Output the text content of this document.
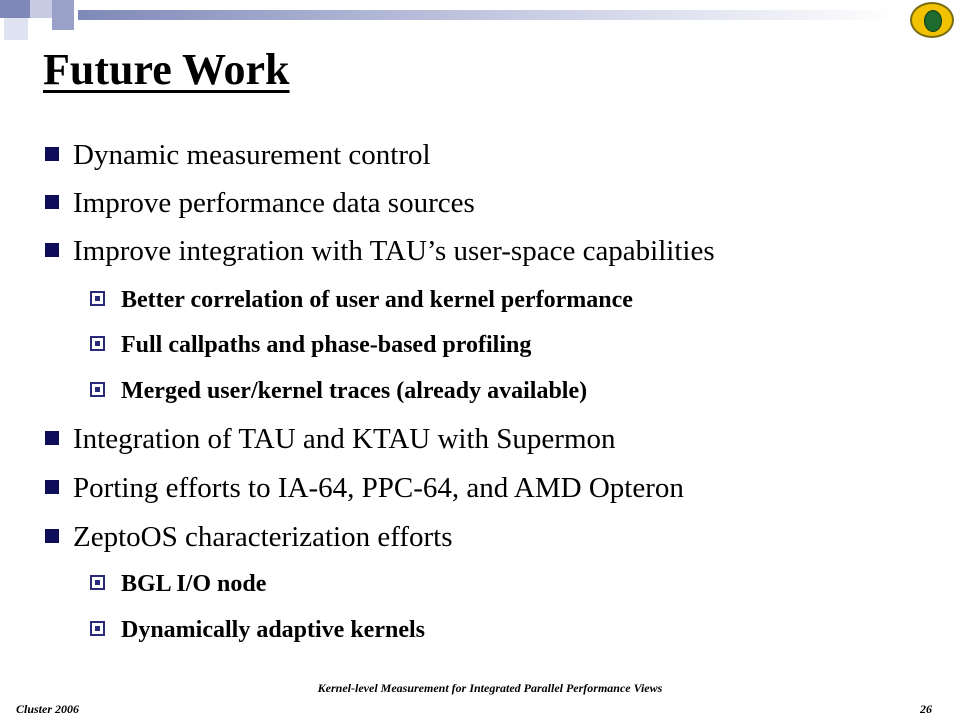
Future Work
Dynamic measurement control
Improve performance data sources
Improve integration with TAU’s user-space capabilities
Better correlation of user and kernel performance
Full callpaths and phase-based profiling
Merged user/kernel traces (already available)
Integration of TAU and KTAU with Supermon
Porting efforts to IA-64, PPC-64, and AMD Opteron
ZeptoOS characterization efforts
BGL I/O node
Dynamically adaptive kernels
Cluster 2006
Kernel-level Measurement for Integrated Parallel Performance Views
26
